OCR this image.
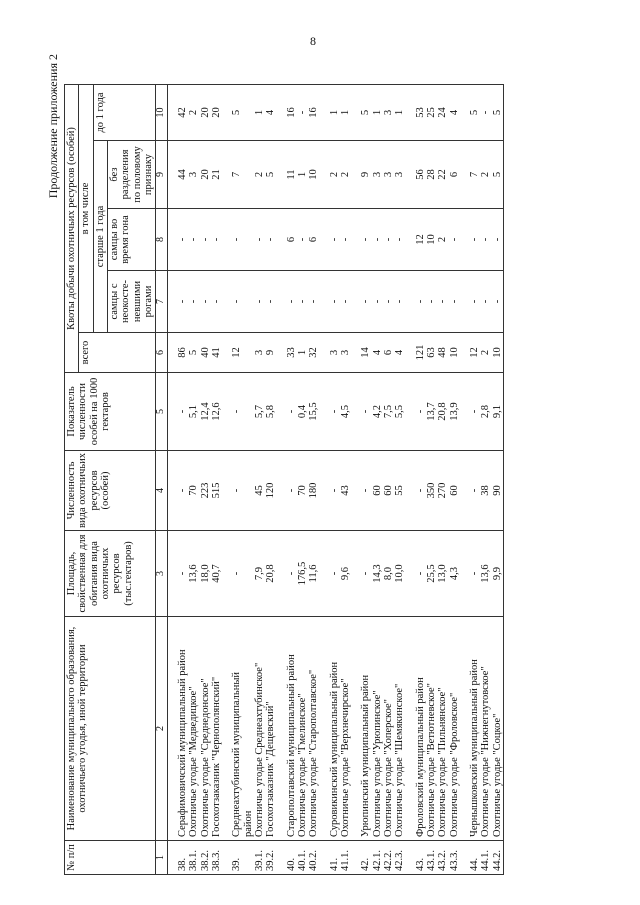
8
Продолжение приложения 2
№ п/п	Наименование муниципального образования, охотничьего угодья, иной территории	Площадь, свойственная для обитания вида охотничьих ресурсов (тыс.гектаров)	Численность вида охотничьих ресурсов (особей)	Показатель численности особей на 1000 гектаров	Квоты добычи охотничьих ресурсов (особей)				
					всего	в том числе			
						старше 1 года			до 1 года
						самцы с неокосте-невшими рогами	самцы во время гона	без разделения по половому признаку	
1	2	3	4	5	6	7	8	9	10

38.	Серафимовичский муниципальный район	-	-	-	86	-	-	44	42
38.1.	Охотничье угодье "Медведицкое"	13,6	70	5,1	5	-	-	3	2
38.2.	Охотничье угодье "Среднедонское"	18,0	223	12,4	40	-	-	20	20
38.3.	Госохотзаказник "Чернополянский"	40,7	515	12,6	41	-	-	21	20

39.	Среднеахтубинский муниципальный	-	-	-	12	-	-	7	5
	район								
39.1.	Охотничье угодье Среднеахтубинское"	7,9	45	5,7	3	-	-	2	1
39.2.	Госохотзаказник "Дещевский"	20,8	120	5,8	9	-	-	5	4

40.	Старополтавский муниципальный район	-	-	-	33	-	6	11	16
40.1.	Охотничье угодье "Гмелинское"	176,5	70	0,4	1	-	-	1	-
40.2.	Охотничье угодье "Старополтавское"	11,6	180	15,5	32	-	6	10	16

41.	Суровикинский муниципальный район	-	-	-	3	-	-	2	1
41.1.	Охотничье угодье "Верхнечирское"	9,6	43	4,5	3	-	-	2	1

42.	Урюпинский муниципальный район	-	-	-	14	-	-	9	5
42.1.	Охотничье угодье "Урюпинское"	14,3	60	4,2	4	-	-	3	1
42.2.	Охотничье угодье "Хоперское"	8,0	60	7,5	6	-	-	3	3
42.3.	Охотничье угодье "Шемякинское"	10,0	55	5,5	4	-	-	3	1

43.	Фроловский муниципальный район	-	-	-	121	-	12	56	53
43.1.	Охотничье угодье "Ветютневское"	25,5	350	13,7	63	-	10	28	25
43.2.	Охотничье угодье "Пильнянское"	13,0	270	20,8	48	-	2	22	24
43.3.	Охотничье угодье "Фроловское"	4,3	60	13,9	10	-	-	6	4

44.	Чернышковский муниципальный район	-	-	-	12	-	-	7	5
44.1.	Охотничье угодье "Нижнегнутовское"	13,6	38	2,8	2	-	-	2	-
44.2.	Охотничье угодье "Соцкое"	9,9	90	9,1	10	-	-	5	5
